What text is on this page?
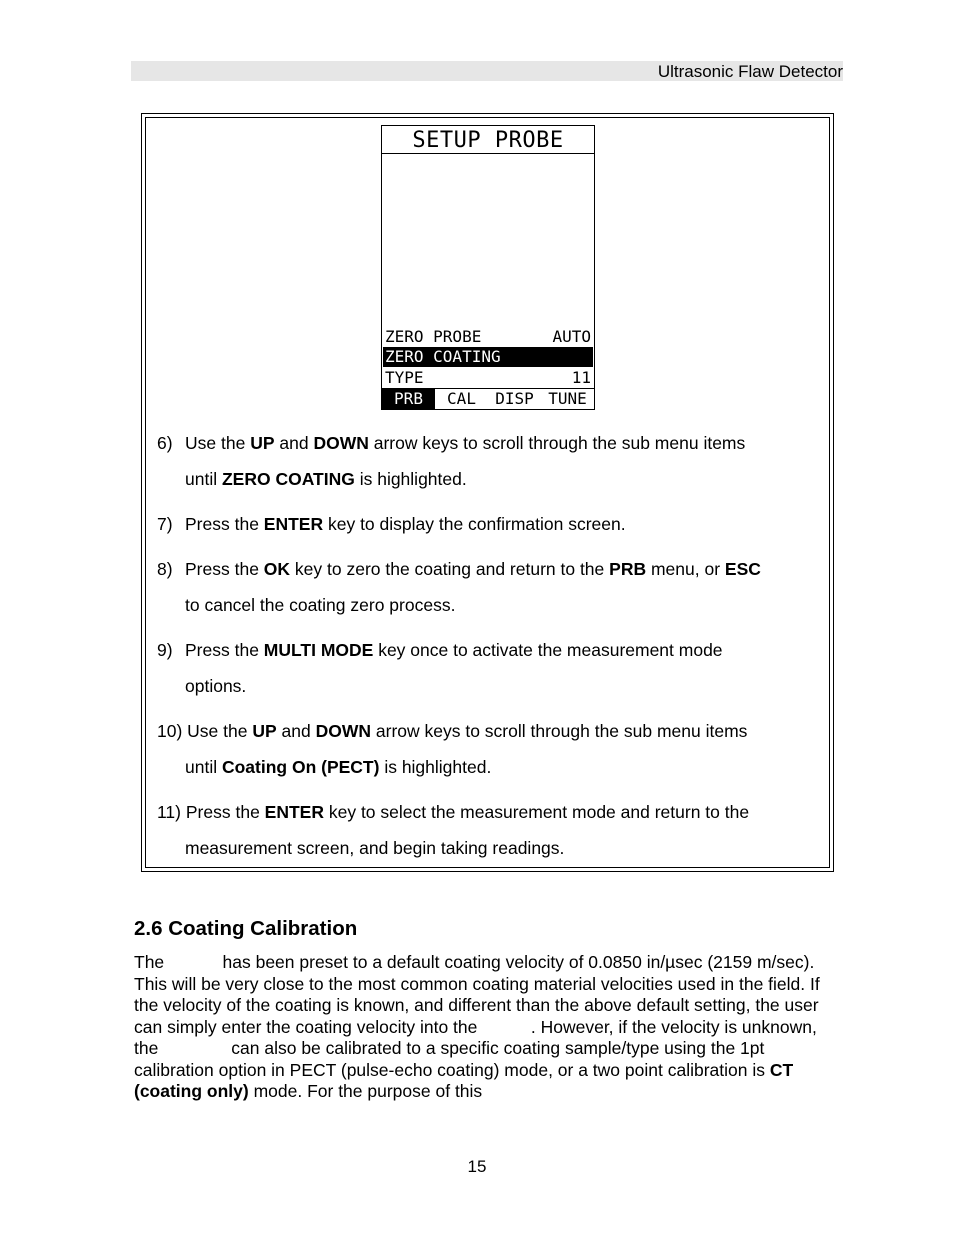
Ultrasonic Flaw Detector
SETUP PROBE
ZERO PROBE	AUTO
ZERO COATING
TYPE	11
PRB	CAL	DISP TUNE
6) Use the UP and DOWN arrow keys to scroll through the sub menu items
until ZERO COATING is highlighted.
7) Press the ENTER key to display the confirmation screen.
8) Press the OK key to zero the coating and return to the PRB menu, or ESC
to cancel the coating zero process.
9) Press the MULTI MODE key once to activate the measurement mode
options.
10) Use the UP and DOWN arrow keys to scroll through the sub menu items
until Coating On (PECT) is highlighted.
11) Press the ENTER key to select the measurement mode and return to the
measurement screen, and begin taking readings.
2.6 Coating Calibration
The	has been preset to a default coating velocity of 0.0850 in/µsec (2159 m/sec). This will be very close to the most common coating material velocities used in the field. If the velocity of the coating is known, and different than the above default setting, the user can simply enter the coating velocity into the	. However, if the velocity is unknown, the	can also be calibrated to a specific coating sample/type using the 1pt calibration option in PECT (pulse-echo coating) mode, or a two point calibration is CT (coating only) mode. For the purpose of this
15
